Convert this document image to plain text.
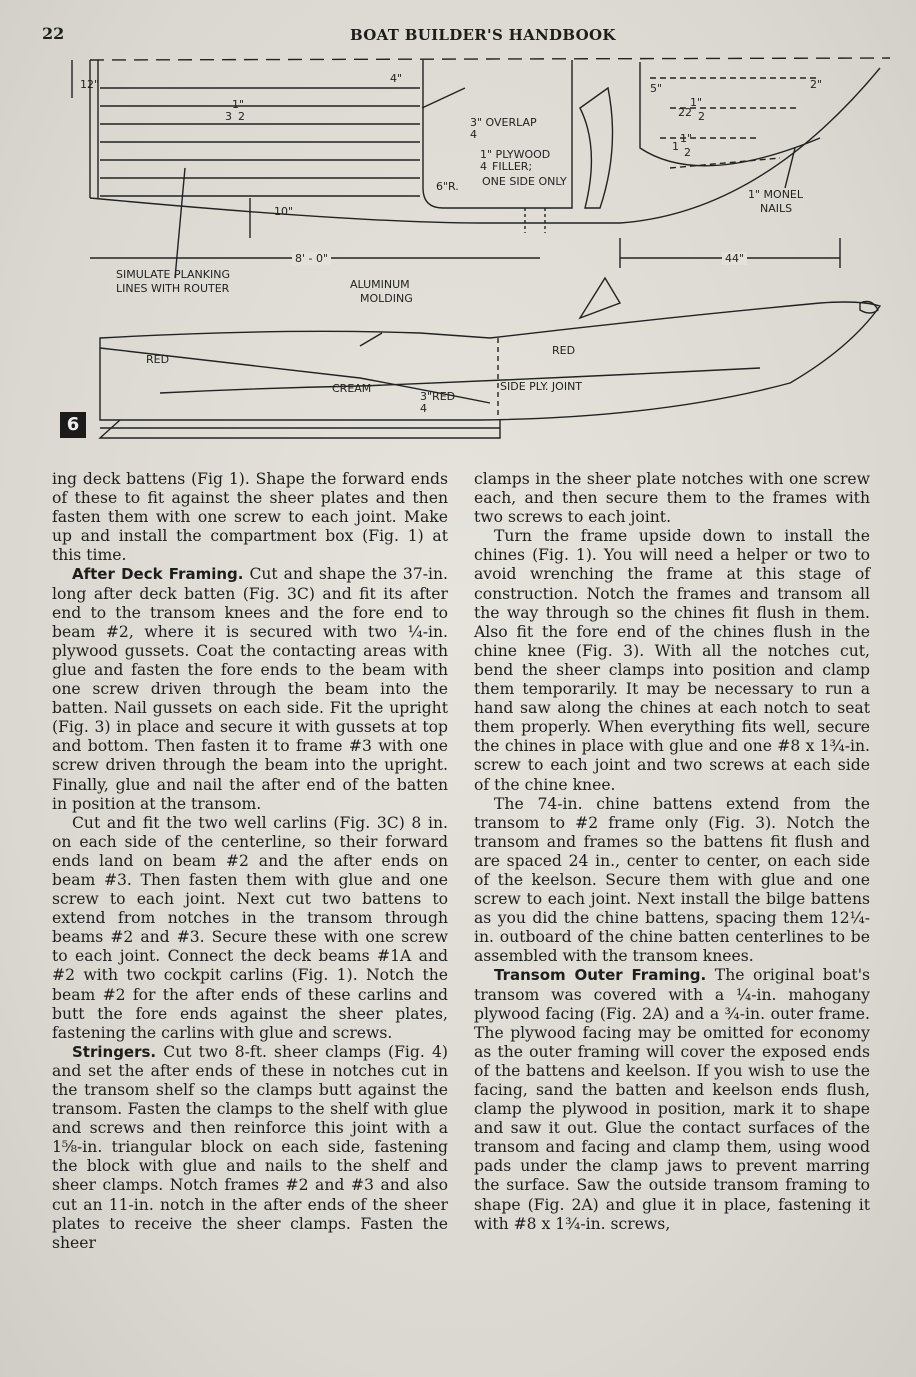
22	BOAT BUILDER'S HANDBOOK
12"	4"
1"
2
3	3" OVERLAP
4
1" PLYWOOD
4 FILLER;
ONE SIDE ONLY
6"R.
10"
8' - 0"
5"	2"
1"
22 2
1"
1 2
1" MONEL
NAILS
44"
SIMULATE PLANKING
LINES WITH ROUTER	ALUMINUM
MOLDING
RED
RED
CREAM
3"RED
4
SIDE PLY. JOINT
6

ing deck battens (Fig 1). Shape the forward ends of these to fit against the sheer plates and then fasten them with one screw to each joint. Make up and install the compartment box (Fig. 1) at this time.

After Deck Framing. Cut and shape the 37-in. long after deck batten (Fig. 3C) and fit its after end to the transom knees and the fore end to beam #2, where it is secured with two ¼-in. plywood gussets. Coat the contacting areas with glue and fasten the fore ends to the beam with one screw driven through the beam into the batten. Nail gussets on each side. Fit the upright (Fig. 3) in place and secure it with gussets at top and bottom. Then fasten it to frame #3 with one screw driven through the beam into the upright. Finally, glue and nail the after end of the batten in position at the transom.

Cut and fit the two well carlins (Fig. 3C) 8 in. on each side of the centerline, so their forward ends land on beam #2 and the after ends on beam #3. Then fasten them with glue and one screw to each joint. Next cut two battens to extend from notches in the transom through beams #2 and #3. Secure these with one screw to each joint. Connect the deck beams #1A and #2 with two cockpit carlins (Fig. 1). Notch the beam #2 for the after ends of these carlins and butt the fore ends against the sheer plates, fastening the carlins with glue and screws.

Stringers. Cut two 8-ft. sheer clamps (Fig. 4) and set the after ends of these in notches cut in the transom shelf so the clamps butt against the transom. Fasten the clamps to the shelf with glue and screws and then reinforce this joint with a 1⅝-in. triangular block on each side, fastening the block with glue and nails to the shelf and sheer clamps. Notch frames #2 and #3 and also cut an 11-in. notch in the after ends of the sheer plates to receive the sheer clamps. Fasten the sheer

clamps in the sheer plate notches with one screw each, and then secure them to the frames with two screws to each joint.

Turn the frame upside down to install the chines (Fig. 1). You will need a helper or two to avoid wrenching the frame at this stage of construction. Notch the frames and transom all the way through so the chines fit flush in them. Also fit the fore end of the chines flush in the chine knee (Fig. 3). With all the notches cut, bend the sheer clamps into position and clamp them temporarily. It may be necessary to run a hand saw along the chines at each notch to seat them properly. When everything fits well, secure the chines in place with glue and one #8 x 1¾-in. screw to each joint and two screws at each side of the chine knee.

The 74-in. chine battens extend from the transom to #2 frame only (Fig. 3). Notch the transom and frames so the battens fit flush and are spaced 24 in., center to center, on each side of the keelson. Secure them with glue and one screw to each joint. Next install the bilge battens as you did the chine battens, spacing them 12¼-in. outboard of the chine batten centerlines to be assembled with the transom knees.

Transom Outer Framing. The original boat's transom was covered with a ¼-in. mahogany plywood facing (Fig. 2A) and a ¾-in. outer frame. The plywood facing may be omitted for economy as the outer framing will cover the exposed ends of the battens and keelson. If you wish to use the facing, sand the batten and keelson ends flush, clamp the plywood in position, mark it to shape and saw it out. Glue the contact surfaces of the transom and facing and clamp them, using wood pads under the clamp jaws to prevent marring the surface. Saw the outside transom framing to shape (Fig. 2A) and glue it in place, fastening it with #8 x 1¾-in. screws,
